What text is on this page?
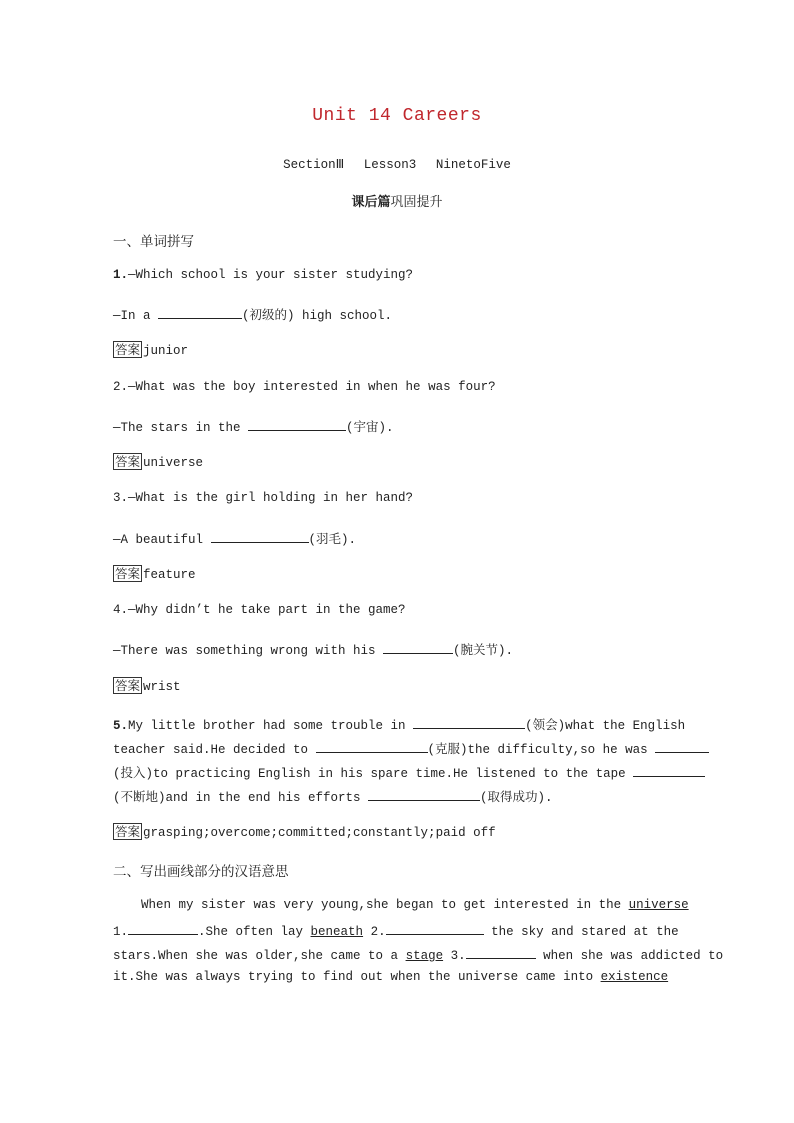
Unit 14 Careers
SectionⅢ Lesson3 NinetoFive
课后篇巩固提升
一、单词拼写
1.—Which school is your sister studying?
—In a	(初级的) high school.
答案 junior
2.—What was the boy interested in when he was four?
—The stars in the	(宇宙).
答案 universe
3.—What is the girl holding in her hand?
—A beautiful	(羽毛).
答案 feature
4.—Why didn’t he take part in the game?
—There was something wrong with his	(腕关节).
答案 wrist
5.My little brother had some trouble in	(领会)what the English
teacher said.He decided to	(克服)the difficulty,so he was
(投入)to practicing English in his spare time.He listened to the tape
(不断地)and in the end his efforts	(取得成功).
答案 grasping;overcome;committed;constantly;paid off
二、写出画线部分的汉语意思
When my sister was very young,she began to get interested in the universe
1.	.She often lay beneath 2.	the sky and stared at the
stars.When she was older,she came to a stage 3.	when she was addicted to
it.She was always trying to find out when the universe came into existence
